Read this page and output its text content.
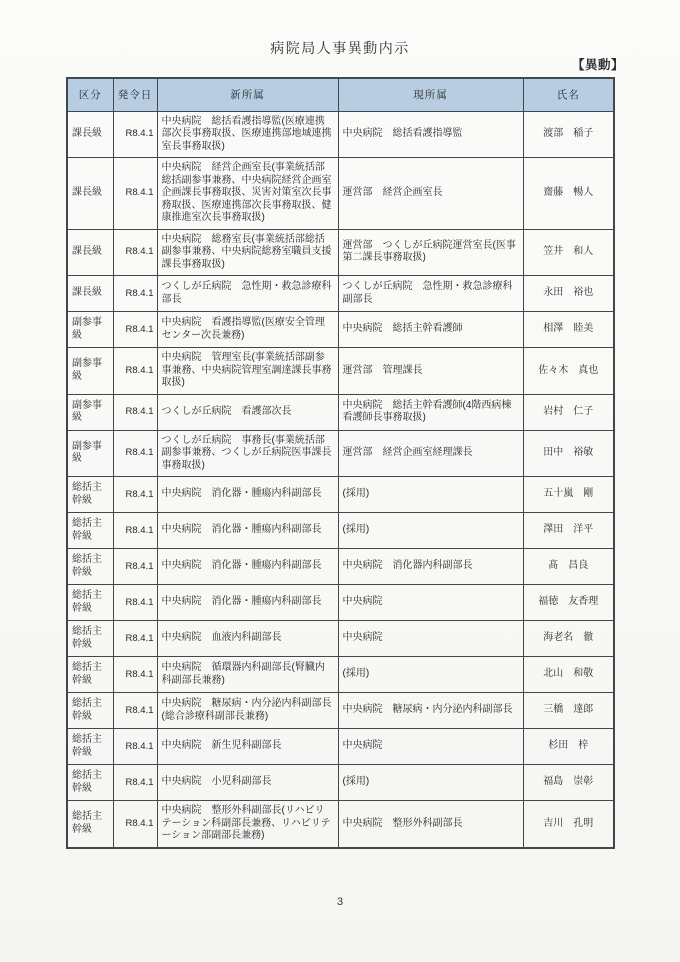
病院局人事異動内示
【異動】
区分	発令日	新所属	現所属	氏名
課長級	R8.4.1	中央病院　総括看護指導監(医療連携部次長事務取扱、医療連携部地域連携室長事務取扱)	中央病院　総括看護指導監	渡部　稲子
課長級	R8.4.1	中央病院　経営企画室長(事業統括部総括副参事兼務、中央病院経営企画室企画課長事務取扱、災害対策室次長事務取扱、医療連携部次長事務取扱、健康推進室次長事務取扱)	運営部　経営企画室長	齋藤　暢人
課長級	R8.4.1	中央病院　総務室長(事業統括部総括副参事兼務、中央病院総務室職員支援課長事務取扱)	運営部　つくしが丘病院運営室長(医事第二課長事務取扱)	笠井　和人
課長級	R8.4.1	つくしが丘病院　急性期・救急診療科部長	つくしが丘病院　急性期・救急診療科副部長	永田　裕也
副参事級	R8.4.1	中央病院　看護指導監(医療安全管理センター次長兼務)	中央病院　総括主幹看護師	相澤　睦美
副参事級	R8.4.1	中央病院　管理室長(事業統括部副参事兼務、中央病院管理室調達課長事務取扱)	運営部　管理課長	佐々木　真也
副参事級	R8.4.1	つくしが丘病院　看護部次長	中央病院　総括主幹看護師(4階西病棟看護師長事務取扱)	岩村　仁子
副参事級	R8.4.1	つくしが丘病院　事務長(事業統括部副参事兼務、つくしが丘病院医事課長事務取扱)	運営部　経営企画室経理課長	田中　裕敏
総括主幹級	R8.4.1	中央病院　消化器・腫瘍内科副部長	(採用)	五十嵐　剛
総括主幹級	R8.4.1	中央病院　消化器・腫瘍内科副部長	(採用)	澤田　洋平
総括主幹級	R8.4.1	中央病院　消化器・腫瘍内科副部長	中央病院　消化器内科副部長	髙　昌良
総括主幹級	R8.4.1	中央病院　消化器・腫瘍内科副部長	中央病院	福徳　友香理
総括主幹級	R8.4.1	中央病院　血液内科副部長	中央病院	海老名　徹
総括主幹級	R8.4.1	中央病院　循環器内科副部長(腎臓内科副部長兼務)	(採用)	北山　和敬
総括主幹級	R8.4.1	中央病院　糖尿病・内分泌内科副部長(総合診療科副部長兼務)	中央病院　糖尿病・内分泌内科副部長	三橋　達郎
総括主幹級	R8.4.1	中央病院　新生児科副部長	中央病院	杉田　梓
総括主幹級	R8.4.1	中央病院　小児科副部長	(採用)	福島　崇彰
総括主幹級	R8.4.1	中央病院　整形外科副部長(リハビリテーション科副部長兼務、リハビリテーション部副部長兼務)	中央病院　整形外科副部長	吉川　孔明
3
